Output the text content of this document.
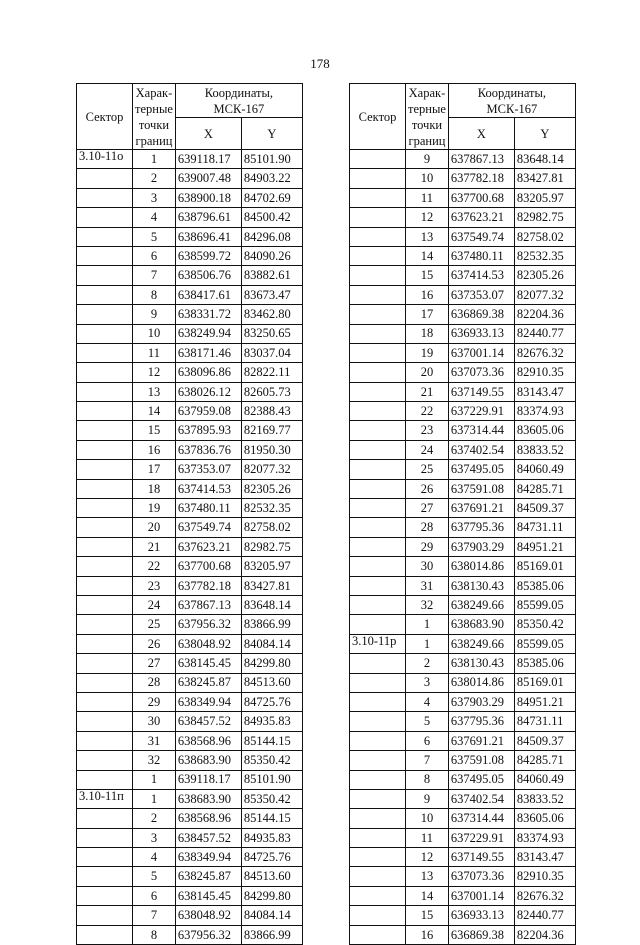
178
Сектор	Харак-
терные
точки
границ	Координаты,
МСК-167	
		X	Y
3.10-11о	1	639118.17	85101.90
	2	639007.48	84903.22
	3	638900.18	84702.69
	4	638796.61	84500.42
	5	638696.41	84296.08
	6	638599.72	84090.26
	7	638506.76	83882.61
	8	638417.61	83673.47
	9	638331.72	83462.80
	10	638249.94	83250.65
	11	638171.46	83037.04
	12	638096.86	82822.11
	13	638026.12	82605.73
	14	637959.08	82388.43
	15	637895.93	82169.77
	16	637836.76	81950.30
	17	637353.07	82077.32
	18	637414.53	82305.26
	19	637480.11	82532.35
	20	637549.74	82758.02
	21	637623.21	82982.75
	22	637700.68	83205.97
	23	637782.18	83427.81
	24	637867.13	83648.14
	25	637956.32	83866.99
	26	638048.92	84084.14
	27	638145.45	84299.80
	28	638245.87	84513.60
	29	638349.94	84725.76
	30	638457.52	84935.83
	31	638568.96	85144.15
	32	638683.90	85350.42
	1	639118.17	85101.90
3.10-11п	1	638683.90	85350.42
	2	638568.96	85144.15
	3	638457.52	84935.83
	4	638349.94	84725.76
	5	638245.87	84513.60
	6	638145.45	84299.80
	7	638048.92	84084.14
	8	637956.32	83866.99
Сектор	Харак-
терные
точки
границ	Координаты,
МСК-167	
		X	Y
	9	637867.13	83648.14
	10	637782.18	83427.81
	11	637700.68	83205.97
	12	637623.21	82982.75
	13	637549.74	82758.02
	14	637480.11	82532.35
	15	637414.53	82305.26
	16	637353.07	82077.32
	17	636869.38	82204.36
	18	636933.13	82440.77
	19	637001.14	82676.32
	20	637073.36	82910.35
	21	637149.55	83143.47
	22	637229.91	83374.93
	23	637314.44	83605.06
	24	637402.54	83833.52
	25	637495.05	84060.49
	26	637591.08	84285.71
	27	637691.21	84509.37
	28	637795.36	84731.11
	29	637903.29	84951.21
	30	638014.86	85169.01
	31	638130.43	85385.06
	32	638249.66	85599.05
	1	638683.90	85350.42
3.10-11р	1	638249.66	85599.05
	2	638130.43	85385.06
	3	638014.86	85169.01
	4	637903.29	84951.21
	5	637795.36	84731.11
	6	637691.21	84509.37
	7	637591.08	84285.71
	8	637495.05	84060.49
	9	637402.54	83833.52
	10	637314.44	83605.06
	11	637229.91	83374.93
	12	637149.55	83143.47
	13	637073.36	82910.35
	14	637001.14	82676.32
	15	636933.13	82440.77
	16	636869.38	82204.36
